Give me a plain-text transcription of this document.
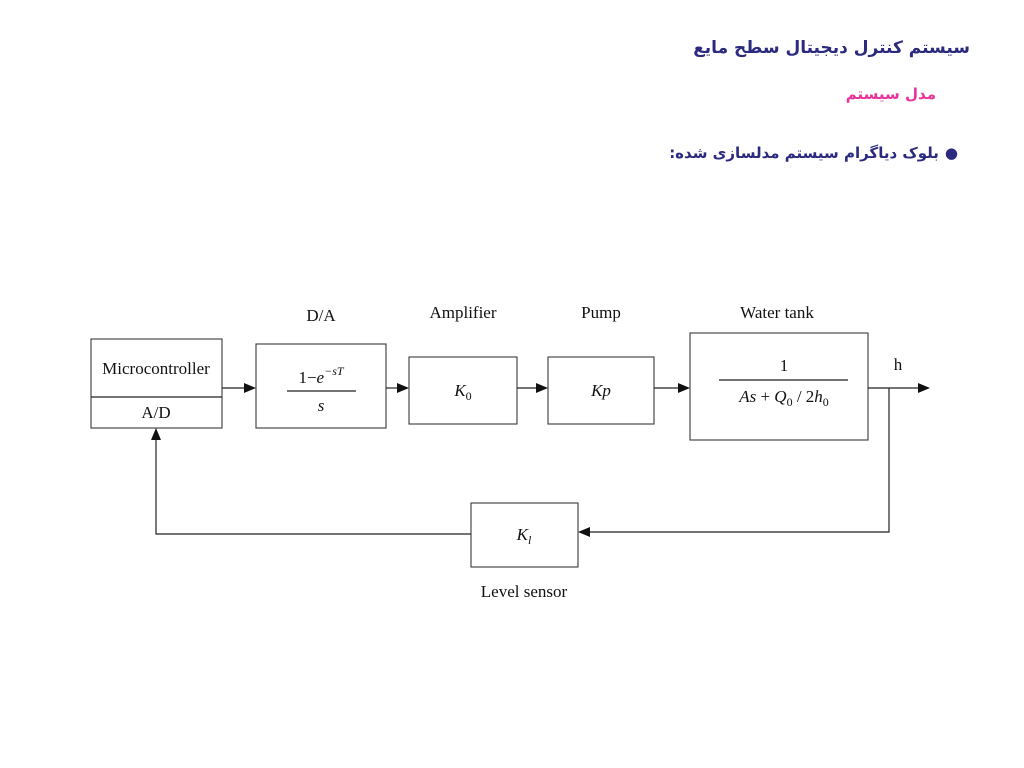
سیستم کنترل دیجیتال سطح مایع
مدل سیستم
●بلوک دیاگرام سیستم مدلسازی شده:
Microcontroller
A/D
D/A
$1-e^{-sT}$
s
Amplifier
$K_0$
Pump
Kp
Water tank
1
$As + Q_0 / 2h_0$
h
$K_l$
Level sensor
